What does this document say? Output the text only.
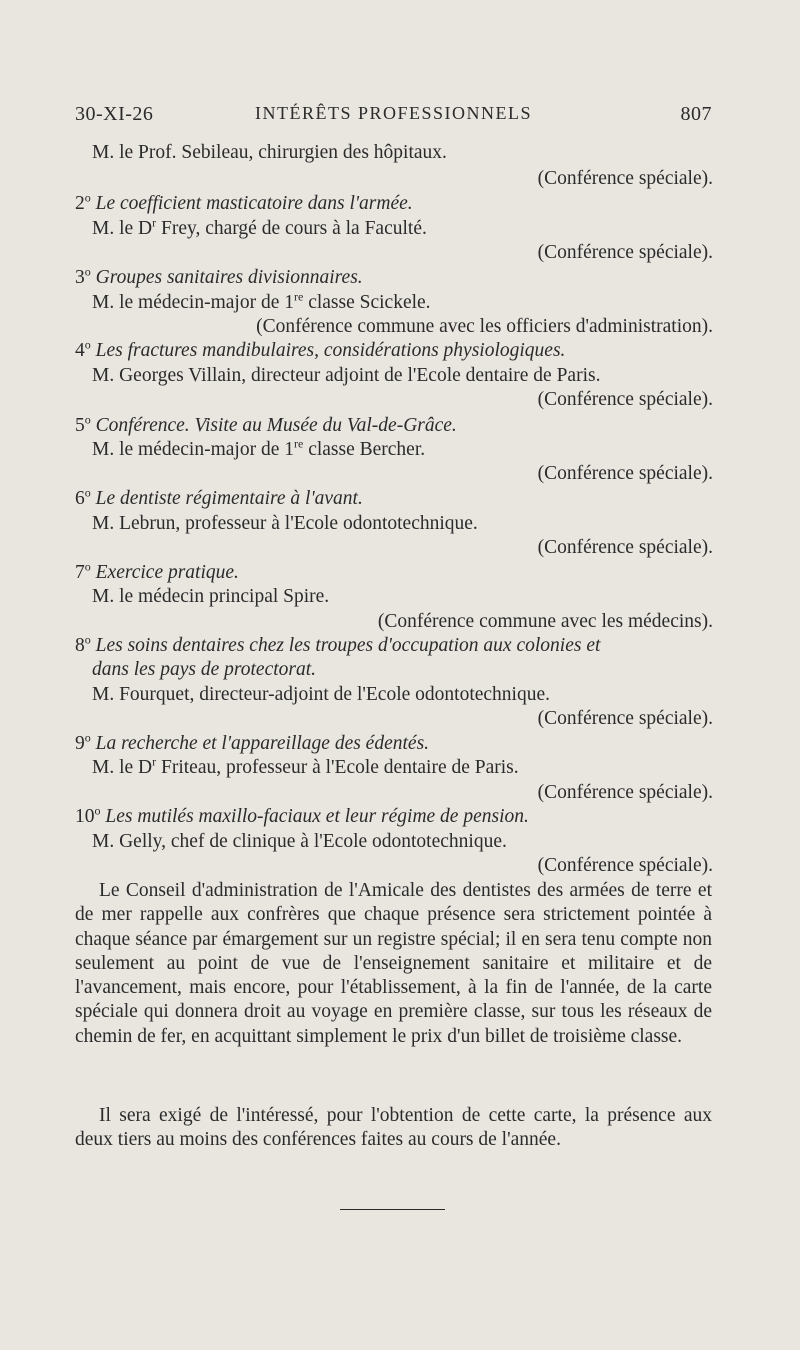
30-XI-26	INTÉRÊTS PROFESSIONNELS	807
M. le Prof. Sebileau, chirurgien des hôpitaux.
(Conférence spéciale).
2$^o$ Le coefficient masticatoire dans l'armée.
M. le $D^r$ Frey, chargé de cours à la Faculté.
(Conférence spéciale).
3$^o$ Groupes sanitaires divisionnaires.
M. le médecin-major de 1re classe Scickele.
(Conférence commune avec les officiers d'administration).
4$^o$ Les fractures mandibulaires, considérations physiologiques.
M. Georges Villain, directeur adjoint de l'Ecole dentaire de Paris.
(Conférence spéciale).
5$^o$ Conférence. Visite au Musée du Val-de-Grâce.
M. le médecin-major de 1re classe Bercher.
(Conférence spéciale).
6$^o$ Le dentiste régimentaire à l'avant.
M. Lebrun, professeur à l'Ecole odontotechnique.
(Conférence spéciale).
7$^o$ Exercice pratique.
M. le médecin principal Spire.
(Conférence commune avec les médecins).
8$^o$ Les soins dentaires chez les troupes d'occupation aux colonies et
dans les pays de protectorat.
M. Fourquet, directeur-adjoint de l'Ecole odontotechnique.
(Conférence spéciale).
9$^o$ La recherche et l'appareillage des édentés.
M. le $D^r$ Friteau, professeur à l'Ecole dentaire de Paris.
(Conférence spéciale).
10$^o$ Les mutilés maxillo-faciaux et leur régime de pension.
M. Gelly, chef de clinique à l'Ecole odontotechnique.
(Conférence spéciale).

Le Conseil d'administration de l'Amicale des dentistes des armées de terre et de mer rappelle aux confrères que chaque présence sera strictement pointée à chaque séance par émargement sur un registre spécial; il en sera tenu compte non seulement au point de vue de l'enseignement sanitaire et militaire et de l'avancement, mais encore, pour l'établissement, à la fin de l'année, de la carte spéciale qui donnera droit au voyage en première classe, sur tous les réseaux de chemin de fer, en acquittant simplement le prix d'un billet de troisième classe.

Il sera exigé de l'intéressé, pour l'obtention de cette carte, la présence aux deux tiers au moins des conférences faites au cours de l'année.
